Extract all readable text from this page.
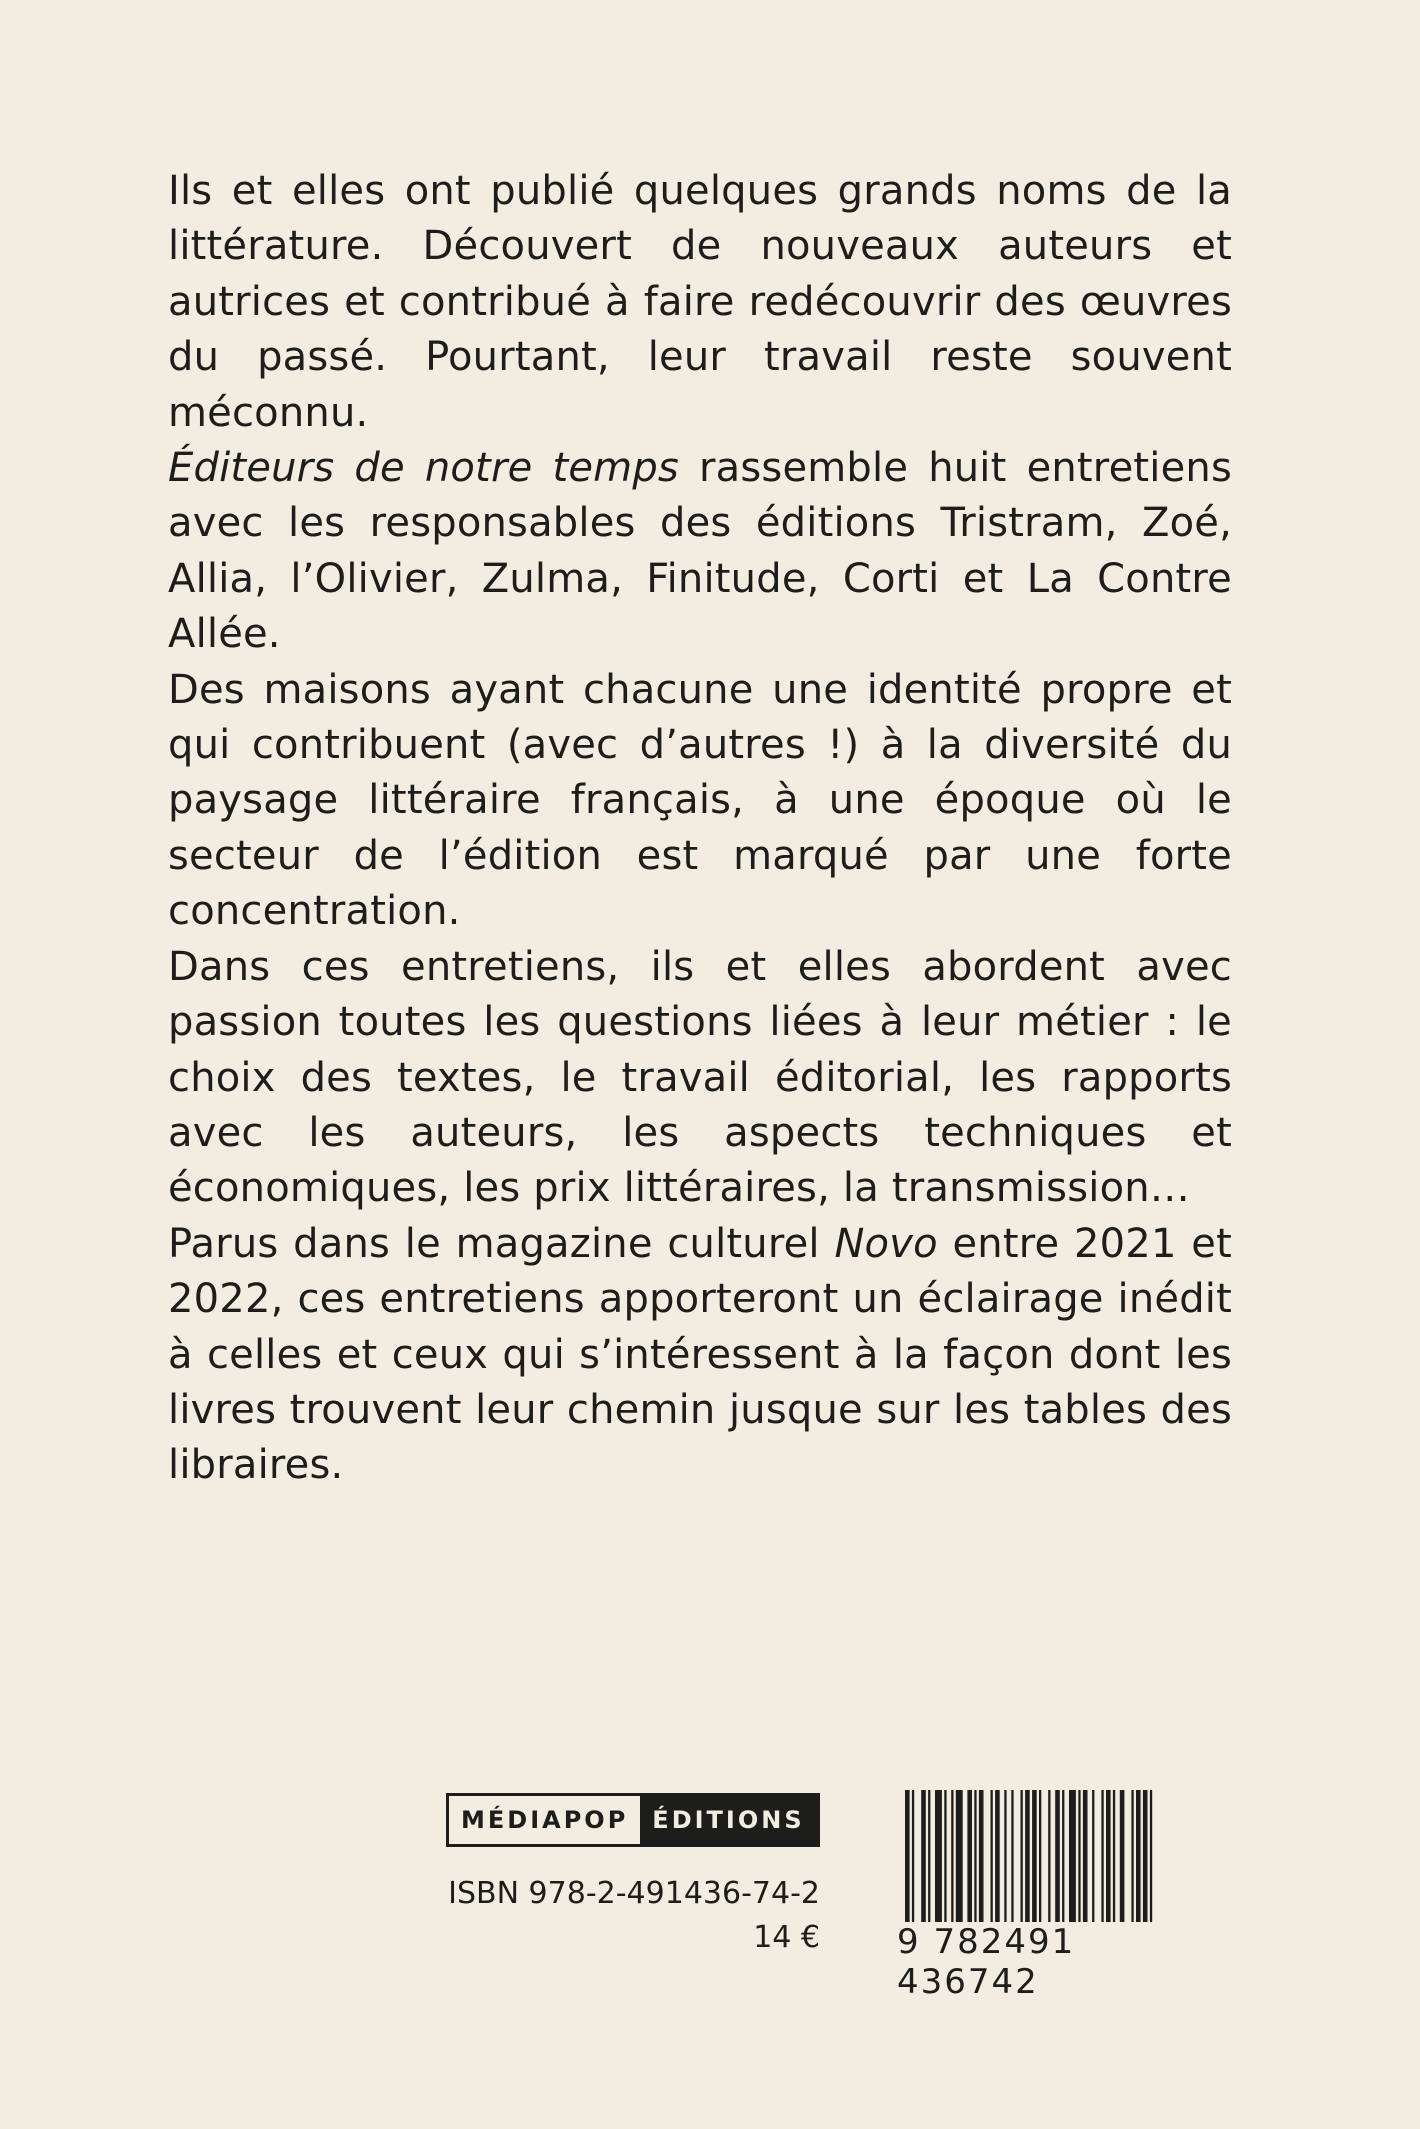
Ils et elles ont publié quelques grands noms de la littérature. Découvert de nouveaux auteurs et autrices et contribué à faire redécouvrir des œuvres du passé. Pourtant, leur travail reste souvent méconnu.

Éditeurs de notre temps rassemble huit entretiens avec les responsables des éditions Tristram, Zoé, Allia, l’Olivier, Zulma, Finitude, Corti et La Contre Allée.

Des maisons ayant chacune une identité propre et qui contribuent (avec d’autres !) à la diversité du paysage littéraire français, à une époque où le secteur de l’édition est marqué par une forte concentration.

Dans ces entretiens, ils et elles abordent avec passion toutes les questions liées à leur métier : le choix des textes, le travail éditorial, les rapports avec les auteurs, les aspects techniques et économiques, les prix littéraires, la transmission…

Parus dans le magazine culturel Novo entre 2021 et 2022, ces entretiens apporteront un éclairage inédit à celles et ceux qui s’intéressent à la façon dont les livres trouvent leur chemin jusque sur les tables des libraires.

MÉDIAPOP	ÉDITIONS
ISBN 978-2-491436-74-2
14 € 9 782491 436742
